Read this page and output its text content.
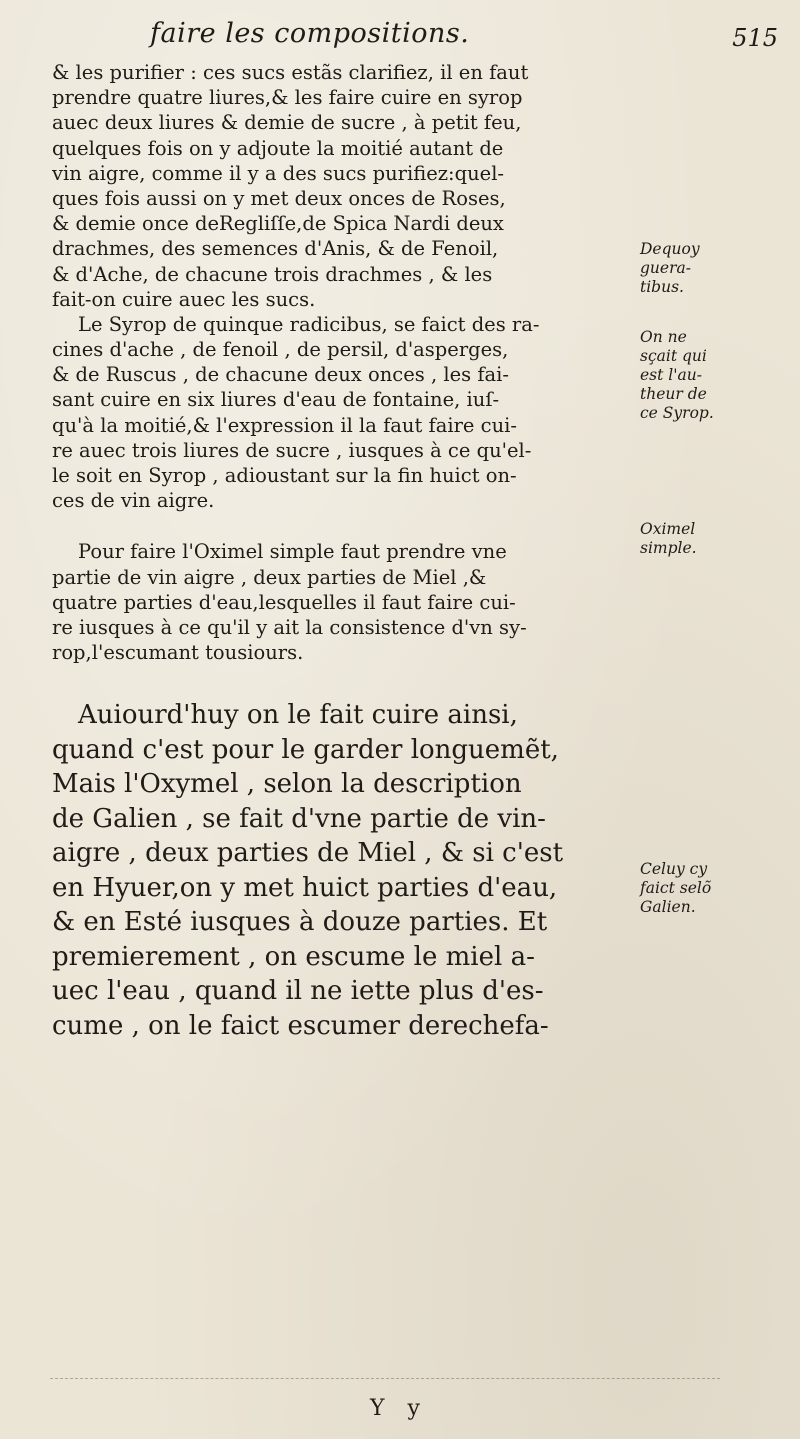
faire les compositions.	515
& les purifier : ces sucs estãs clarifiez, il en faut
prendre quatre liures,& les faire cuire en syrop
auec deux liures & demie de sucre , à petit feu,
quelques fois on y adjoute la moitié autant de
vin aigre, comme il y a des sucs purifiez:quel-
ques fois aussi on y met deux onces de Roses,
& demie once deRegliſſe,de Spica Nardi deux
drachmes, des semences d'Anis, & de Fenoil,
& d'Ache, de chacune trois drachmes , & les
fait-on cuire auec les sucs.
Le Syrop de quinque radicibus, se faict des ra-
cines d'ache , de fenoil , de persil, d'asperges,
& de Ruscus , de chacune deux onces , les fai-
sant cuire en six liures d'eau de fontaine, iuſ-
qu'à la moitié,& l'expression il la faut faire cui-
re auec trois liures de sucre , iusques à ce qu'el-
le soit en Syrop , adioustant sur la fin huict on-
ces de vin aigre.
Pour faire l'Oximel simple faut prendre vne
partie de vin aigre , deux parties de Miel ,&
quatre parties d'eau,lesquelles il faut faire cui-
re iusques à ce qu'il y ait la consistence d'vn sy-
rop,l'escumant tousiours.
Auiourd'huy on le fait cuire ainsi,
quand c'est pour le garder longuemẽt,
Mais l'Oxymel , selon la description
de Galien , se fait d'vne partie de vin-
aigre , deux parties de Miel , & si c'est
en Hyuer,on y met huict parties d'eau,
& en Esté iusques à douze parties. Et
premierement , on escume le miel a-
uec l'eau , quand il ne iette plus d'es-
cume , on le faict escumer derechefa-
Dequoy
guera-
tibus.
On ne
sçait qui
est l'au-
theur de
ce Syrop.
Oximel
simple.
Celuy cy
faict selõ
Galien.
Y y
